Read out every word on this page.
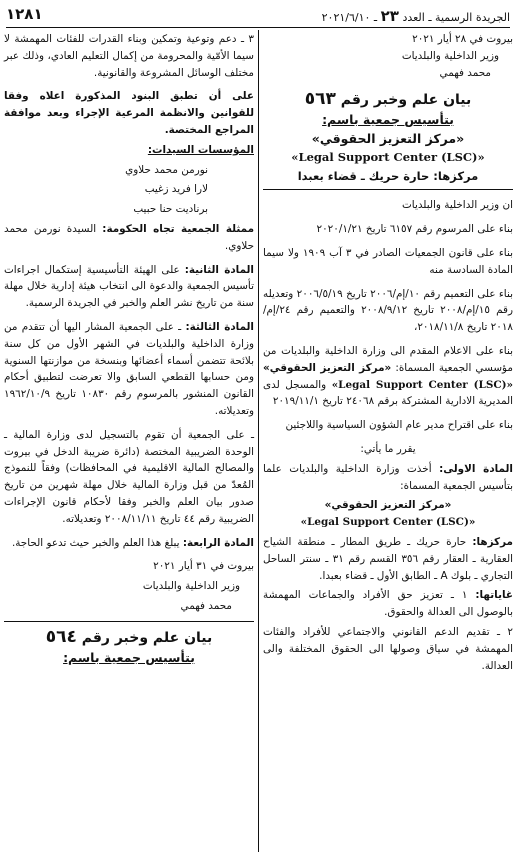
١٢٨١	الجريدة الرسمية ـ العدد ٢٣ ـ ٢٠٢١/٦/١٠

بيروت في ٢٨ أيار ٢٠٢١

وزير الداخلية والبلديات

محمد فهمي

بيان علم وخبر رقم ٥٦٣

بتأسيس جمعية باسم:

«مركز التعزيز الحقوقي»

«Legal Support Center (LSC)»

مركزها: حارة حريك ـ قضاء بعبدا

ان وزير الداخلية والبلديات

بناء على المرسوم رقم ٦١٥٧ تاريخ ٢٠٢٠/١/٢١

بناء على قانون الجمعيات الصادر في ٣ آب ١٩٠٩ ولا سيما المادة السادسة منه

بناء على التعميم رقم ١٠/إم/٢٠٠٦ تاريخ ٢٠٠٦/٥/١٩ وتعديله رقم ١٥/إم/٢٠٠٨ تاريخ ٢٠٠٨/٩/١٢ والتعميم رقم ٢٤/إم/٢٠١٨ تاريخ ٢٠١٨/١١/٨،

بناء على الاعلام المقدم الى وزارة الداخلية والبلديات من مؤسسي الجمعية المسماة: «مركز التعزيز الحقوقي» «Legal Support Center (LSC)» والمسجل لدى المديرية الادارية المشتركة برقم ٢٤٠٦٨ تاريخ ٢٠١٩/١١/١

بناء على اقتراح مدير عام الشؤون السياسية واللاجئين

يقرر ما يأتي:

المادة الاولى: أخذت وزارة الداخلية والبلديات علما بتأسيس الجمعية المسماة:

«مركز التعزيز الحقوقي»

«Legal Support Center (LSC)»

مركزها: حارة حريك ـ طريق المطار ـ منطقة الشياح العقارية ـ العقار رقم ٣٥٦ القسم رقم ٣١ ـ سنتر الساحل التجاري ـ بلوك A ـ الطابق الأول ـ قضاء بعبدا.

غاياتها: ١ ـ تعزيز حق الأفراد والجماعات المهمشة بالوصول الى العدالة والحقوق.

٢ ـ تقديم الدعم القانوني والاجتماعي للأفراد والفئات المهمشة في سياق وصولها الى الحقوق المختلفة والى العدالة.

٣ ـ دعم وتوعية وتمكين وبناء القدرات للفئات المهمشة لا سيما الأمّية والمحرومة من إكمال التعليم العادي، وذلك عبر مختلف الوسائل المشروعة والقانونية.

على أن تطبق البنود المذكورة اعلاه وفقا للقوانين والانظمة المرعية الإجراء وبعد موافقة المراجع المختصة.

المؤسسات السيدات:

نورمن محمد حلاوي

لارا فريد زغيب

برناديت حنا حبيب

ممثلة الجمعية تجاه الحكومة: السيدة نورمن محمد حلاوي.

المادة الثانية: على الهيئة التأسيسية إستكمال اجراءات تأسيس الجمعية والدعوة الى انتخاب هيئة إدارية خلال مهلة سنة من تاريخ نشر العلم والخبر في الجريدة الرسمية.

المادة الثالثة: ـ على الجمعية المشار اليها أن تتقدم من وزارة الداخلية والبلديات في الشهر الأول من كل سنة بلائحة تتضمن أسماء أعضائها وبنسخة من موازنتها السنوية ومن حسابها القطعي السابق والا تعرضت لتطبيق أحكام القانون المنشور بالمرسوم رقم ١٠٨٣٠ تاريخ ١٩٦٢/١٠/٩ وتعديلاته.

ـ على الجمعية أن تقوم بالتسجيل لدى وزارة المالية ـ الوحدة الضريبية المختصة (دائرة ضريبة الدخل في بيروت والمصالح المالية الاقليمية في المحافظات) وفقاً للنموذج المُعدّ من قبل وزارة المالية خلال مهلة شهرين من تاريخ صدور بيان العلم والخبر وفقا لأحكام قانون الإجراءات الضريبية رقم ٤٤ تاريخ ٢٠٠٨/١١/١١ وتعديلاته.

المادة الرابعة: يبلغ هذا العلم والخبر حيث تدعو الحاجة.

بيروت في ٣١ أيار ٢٠٢١

وزير الداخلية والبلديات

محمد فهمي

بيان علم وخبر رقم ٥٦٤

بتأسيس جمعية باسم:
